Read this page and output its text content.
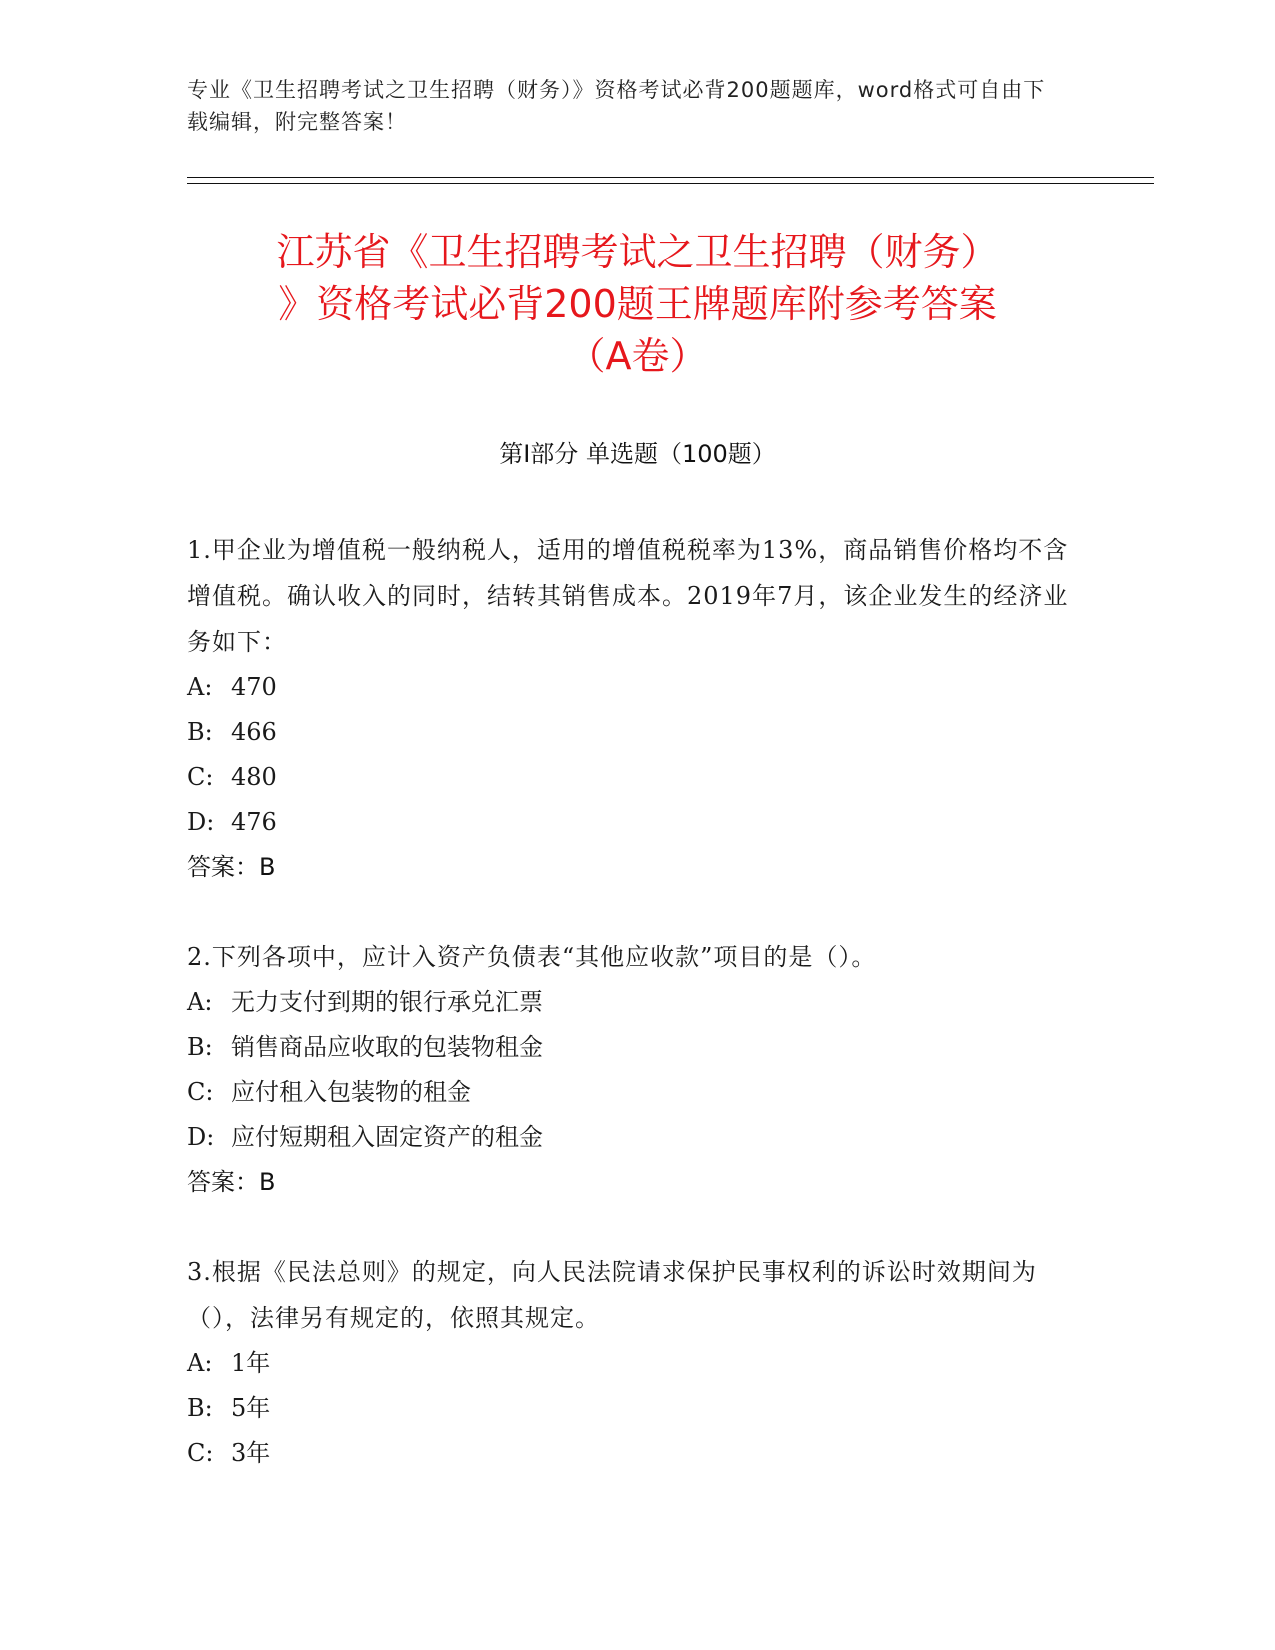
专业《卫生招聘考试之卫生招聘（财务）》资格考试必背200题题库，word格式可自由下载编辑，附完整答案！
江苏省《卫生招聘考试之卫生招聘（财务）
》资格考试必背200题王牌题库附参考答案
（A卷）
第I部分 单选题（100题）
1.甲企业为增值税一般纳税人，适用的增值税税率为13%，商品销售价格均不含增值税。确认收入的同时，结转其销售成本。2019年7月，该企业发生的经济业务如下：
A: 470
B: 466
C: 480
D: 476
答案：B
2.下列各项中，应计入资产负债表“其他应收款”项目的是（）。
A: 无力支付到期的银行承兑汇票
B: 销售商品应收取的包装物租金
C: 应付租入包装物的租金
D: 应付短期租入固定资产的租金
答案：B
3.根据《民法总则》的规定，向人民法院请求保护民事权利的诉讼时效期间为（），法律另有规定的，依照其规定。
A: 1年
B: 5年
C: 3年
